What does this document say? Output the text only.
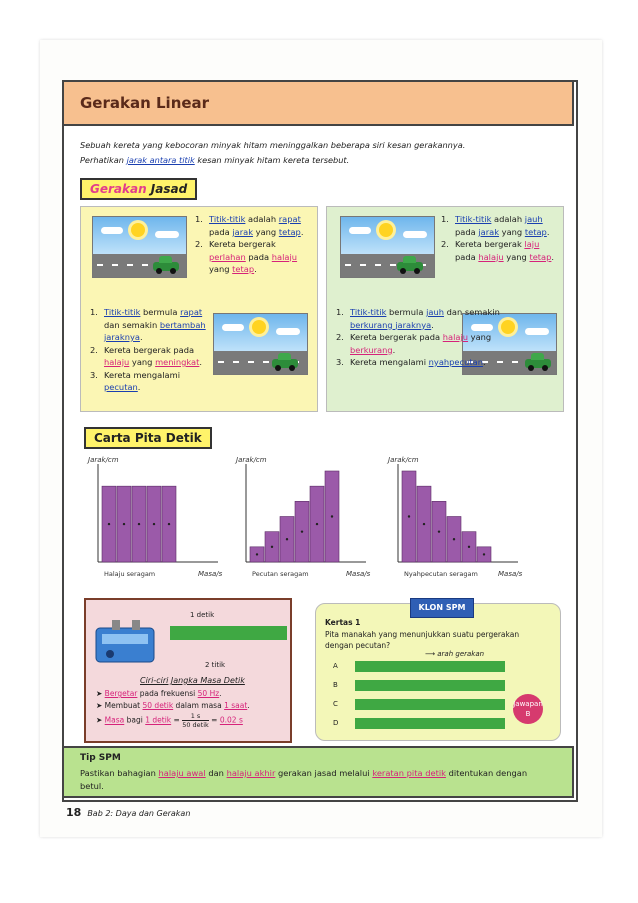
Gerakan Linear
Sebuah kereta yang kebocoran minyak hitam meninggalkan beberapa siri kesan gerakannya.
Perhatikan jarak antara titik kesan minyak hitam kereta tersebut.
Gerakan Jasad
1. Titik-titik adalah rapat pada jarak yang tetap.
2. Kereta bergerak perlahan pada halaju yang tetap.
1. Titik-titik bermula rapat dan semakin bertambah jaraknya.
2. Kereta bergerak pada halaju yang meningkat.
3. Kereta mengalami pecutan.
1. Titik-titik adalah jauh pada jarak yang tetap.
2. Kereta bergerak laju pada halaju yang tetap.
1. Titik-titik bermula jauh dan semakin berkurang jaraknya.
2. Kereta bergerak pada halaju yang berkurang.
3. Kereta mengalami nyahpecutan.
Carta Pita Detik
Jarak/cm
Masa/s
Halaju seragam
Jarak/cm
Masa/s
Pecutan seragam
Jarak/cm
Masa/s
Nyahpecutan seragam
1 detik
2 titik
Ciri-ciri Jangka Masa Detik
➤ Bergetar pada frekuensi 50 Hz.
➤ Membuat 50 detik dalam masa 1 saat.
➤ Masa bagi 1 detik =	1 s
50 detik
= 0.02 s
KLON SPM
Kertas 1
Pita manakah yang menunjukkan suatu pergerakan dengan pecutan?
⟶ arah gerakan
A
B
C
D
Jawapan
B
Tip SPM
Pastikan bahagian halaju awal dan halaju akhir gerakan jasad melalui keratan pita detik ditentukan dengan betul.
18 Bab 2: Daya dan Gerakan
